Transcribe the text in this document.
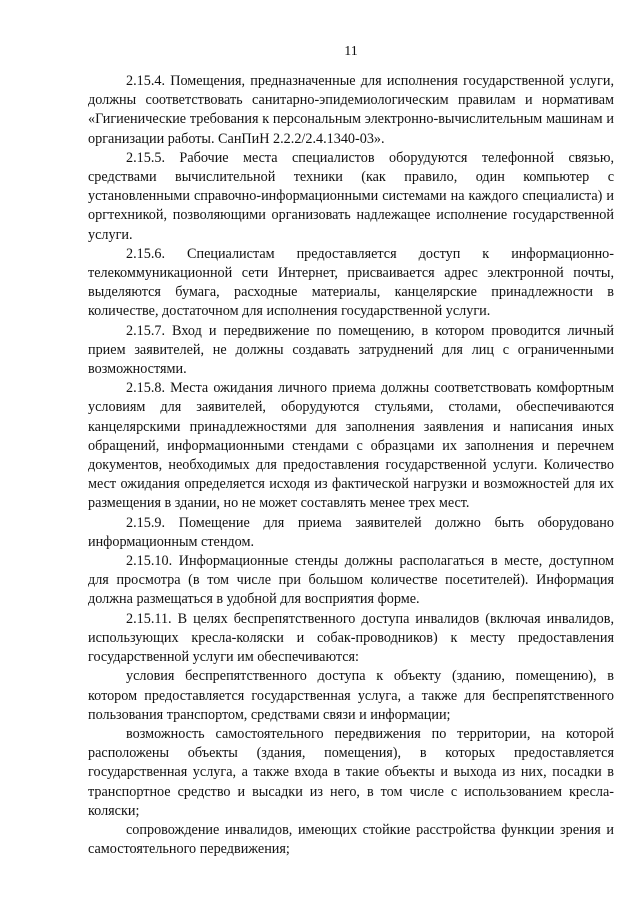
11

2.15.4. Помещения, предназначенные для исполнения государственной услуги, должны соответствовать санитарно-эпидемиологическим правилам и нормативам «Гигиенические требования к персональным электронно-вычислительным машинам и организации работы. СанПиН 2.2.2/2.4.1340-03».

2.15.5. Рабочие места специалистов оборудуются телефонной связью, средствами вычислительной техники (как правило, один компьютер с установленными справочно-информационными системами на каждого специалиста) и оргтехникой, позволяющими организовать надлежащее исполнение государственной услуги.

2.15.6. Специалистам предоставляется доступ к информационно-телекоммуникационной сети Интернет, присваивается адрес электронной почты, выделяются бумага, расходные материалы, канцелярские принадлежности в количестве, достаточном для исполнения государственной услуги.

2.15.7. Вход и передвижение по помещению, в котором проводится личный прием заявителей, не должны создавать затруднений для лиц с ограниченными возможностями.

2.15.8. Места ожидания личного приема должны соответствовать комфортным условиям для заявителей, оборудуются стульями, столами, обеспечиваются канцелярскими принадлежностями для заполнения заявления и написания иных обращений, информационными стендами с образцами их заполнения и перечнем документов, необходимых для предоставления государственной услуги. Количество мест ожидания определяется исходя из фактической нагрузки и возможностей для их размещения в здании, но не может составлять менее трех мест.

2.15.9. Помещение для приема заявителей должно быть оборудовано информационным стендом.

2.15.10. Информационные стенды должны располагаться в месте, доступном для просмотра (в том числе при большом количестве посетителей). Информация должна размещаться в удобной для восприятия форме.

2.15.11. В целях беспрепятственного доступа инвалидов (включая инвалидов, использующих кресла-коляски и собак-проводников) к месту предоставления государственной услуги им обеспечиваются:

условия беспрепятственного доступа к объекту (зданию, помещению), в котором предоставляется государственная услуга, а также для беспрепятственного пользования транспортом, средствами связи и информации;

возможность самостоятельного передвижения по территории, на которой расположены объекты (здания, помещения), в которых предоставляется государственная услуга, а также входа в такие объекты и выхода из них, посадки в транспортное средство и высадки из него, в том числе с использованием кресла-коляски;

сопровождение инвалидов, имеющих стойкие расстройства функции зрения и самостоятельного передвижения;
